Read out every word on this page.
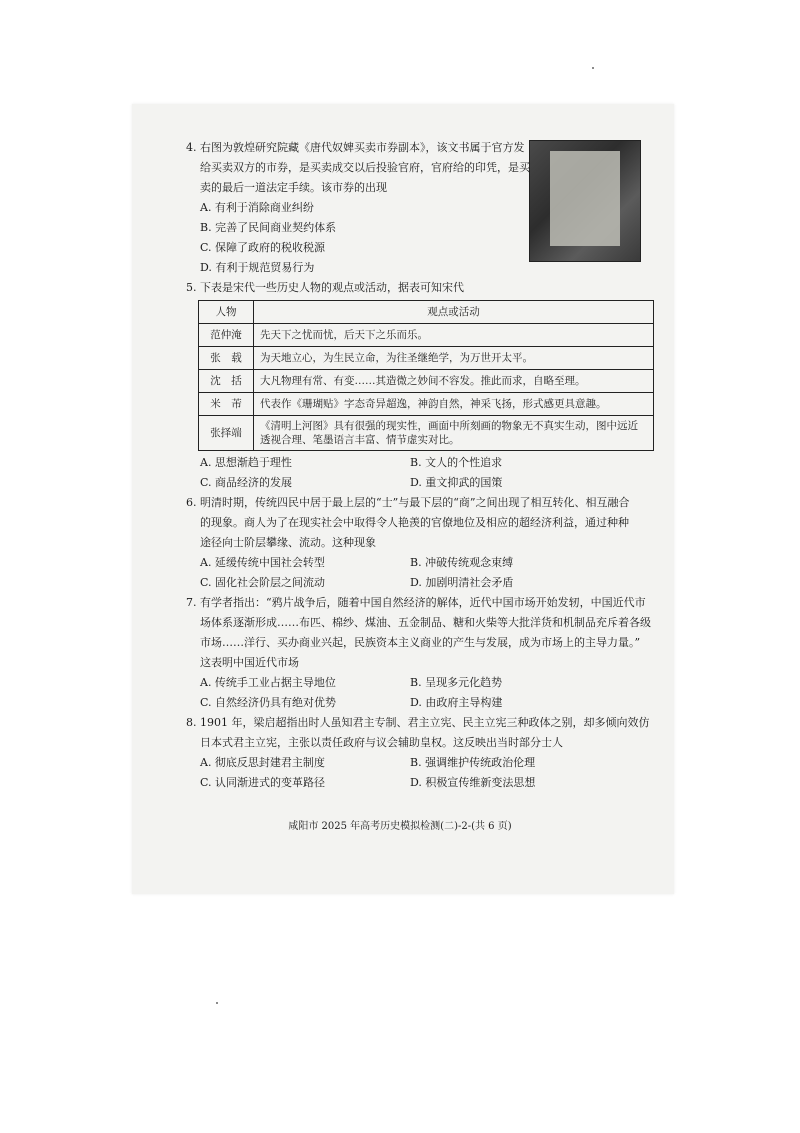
4. 右图为敦煌研究院藏《唐代奴婢买卖市券副本》，该文书属于官方发
给买卖双方的市券，是买卖成交以后投验官府，官府给的印凭，是买
卖的最后一道法定手续。该市券的出现
A. 有利于消除商业纠纷
B. 完善了民间商业契约体系
C. 保障了政府的税收税源
D. 有利于规范贸易行为
5. 下表是宋代一些历史人物的观点或活动，据表可知宋代
人物	观点或活动
范仲淹	先天下之忧而忧，后天下之乐而乐。
张　载	为天地立心，为生民立命，为往圣继绝学，为万世开太平。
沈　括	大凡物理有常、有变……其造微之妙间不容发。推此而求，自略至理。
米　芾	代表作《珊瑚贴》字态奇异超逸，神韵自然，神采飞扬，形式感更具意趣。
张择端	《清明上河图》具有很强的现实性，画面中所刻画的物象无不真实生动，图中远近透视合理、笔墨语言丰富、情节虚实对比。
A. 思想渐趋于理性	B. 文人的个性追求
C. 商品经济的发展	D. 重文抑武的国策
6. 明清时期，传统四民中居于最上层的“士”与最下层的“商”之间出现了相互转化、相互融合
的现象。商人为了在现实社会中取得令人艳羡的官僚地位及相应的超经济利益，通过种种
途径向士阶层攀缘、流动。这种现象
A. 延缓传统中国社会转型	B. 冲破传统观念束缚
C. 固化社会阶层之间流动	D. 加剧明清社会矛盾
7. 有学者指出：“鸦片战争后，随着中国自然经济的解体，近代中国市场开始发轫，中国近代市
场体系逐渐形成……布匹、棉纱、煤油、五金制品、糖和火柴等大批洋货和机制品充斥着各级
市场……洋行、买办商业兴起，民族资本主义商业的产生与发展，成为市场上的主导力量。”
这表明中国近代市场
A. 传统手工业占据主导地位	B. 呈现多元化趋势
C. 自然经济仍具有绝对优势	D. 由政府主导构建
8. 1901 年，梁启超指出时人虽知君主专制、君主立宪、民主立宪三种政体之别，却多倾向效仿
日本式君主立宪，主张以责任政府与议会辅助皇权。这反映出当时部分士人
A. 彻底反思封建君主制度	B. 强调维护传统政治伦理
C. 认同渐进式的变革路径	D. 积极宣传维新变法思想
咸阳市 2025 年高考历史模拟检测(二)-2-(共 6 页)
